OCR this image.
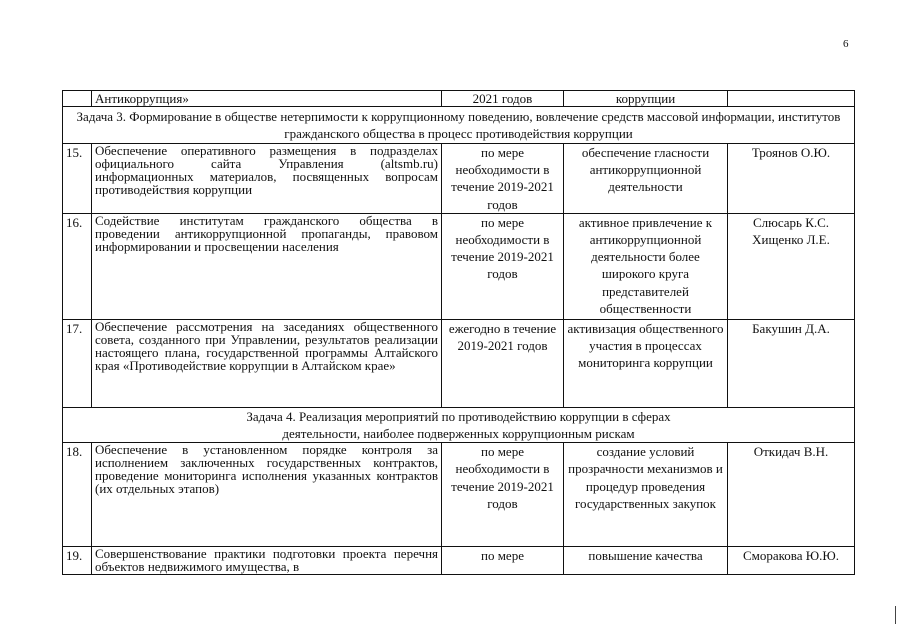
6
	Антикоррупция»	2021 годов	коррупции	
Задача 3. Формирование в обществе нетерпимости к коррупционному поведению, вовлечение средств массовой информации, институтов гражданского общества в процесс противодействия коррупции				
15.	Обеспечение оперативного размещения в подразделах официального сайта Управления (altsmb.ru) информационных материалов, посвященных вопросам противодействия коррупции	по мере необходимости в течение 2019-2021 годов	обеспечение гласности антикоррупционной деятельности	Троянов О.Ю.
16.	Содействие институтам гражданского общества в проведении антикоррупционной пропаганды, правовом информировании и просвещении населения	по мере необходимости в течение 2019-2021 годов	активное привлечение к антикоррупционной деятельности более широкого круга представителей общественности	Слюсарь К.С. Хищенко Л.Е.
17.	Обеспечение рассмотрения на заседаниях общественного совета, созданного при Управлении, результатов реализации настоящего плана, государственной программы Алтайского края «Противодействие коррупции в Алтайском крае»	ежегодно в течение 2019-2021 годов	активизация общественного участия в процессах мониторинга коррупции	Бакушин Д.А.
Задача 4. Реализация мероприятий по противодействию коррупции в сферах деятельности, наиболее подверженных коррупционным рискам				
18.	Обеспечение в установленном порядке контроля за исполнением заключенных государственных контрактов, проведение мониторинга исполнения указанных контрактов (их отдельных этапов)	по мере необходимости в течение 2019-2021 годов	создание условий прозрачности механизмов и процедур проведения государственных закупок	Откидач В.Н.
19.	Совершенствование практики подготовки проекта перечня объектов недвижимого имущества, в	по мере	повышение качества	Сморакова Ю.Ю.
